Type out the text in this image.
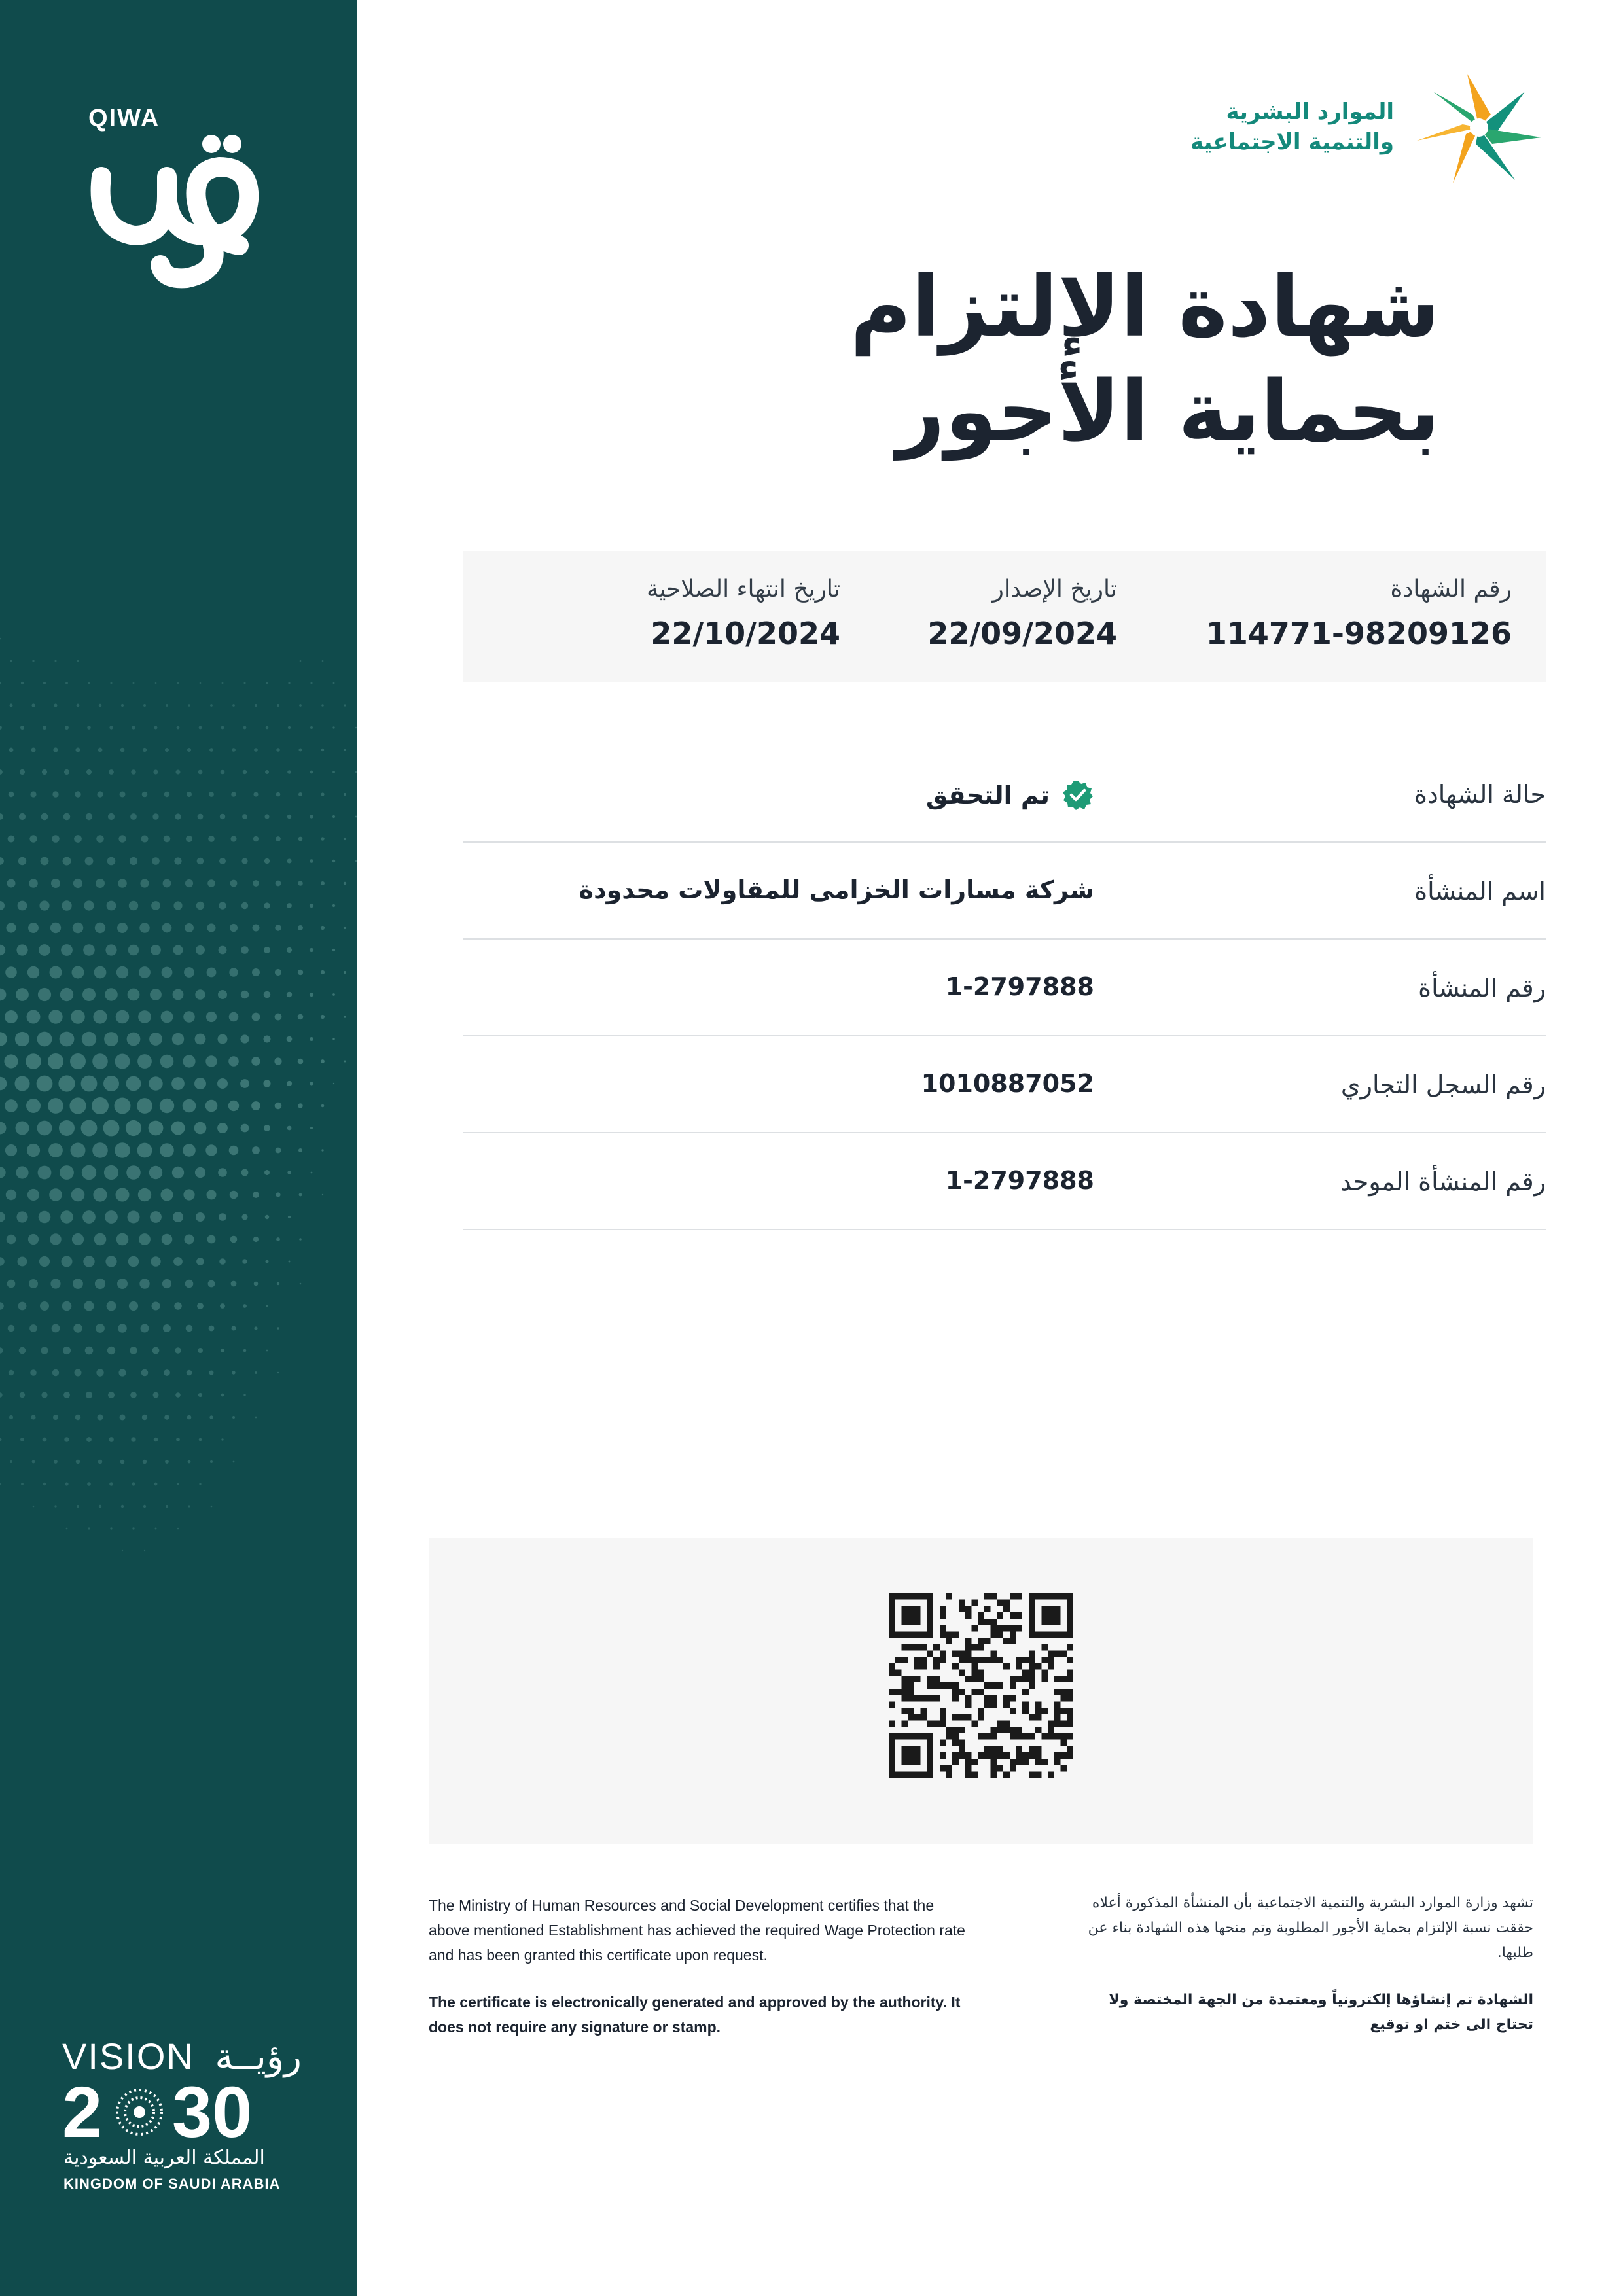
QIWA
VISION رؤيــة
2 30
المملكة العربية السعودية
KINGDOM OF SAUDI ARABIA
الموارد البشرية
والتنمية الاجتماعية
شهادة الإلتزام
بحماية الأجور
رقم الشهادة
114771-98209126
تاريخ الإصدار
22/09/2024
تاريخ انتهاء الصلاحية
22/10/2024
حالة الشهادة
تم التحقق
اسم المنشأة
شركة مسارات الخزامى للمقاولات محدودة
رقم المنشأة
1-2797888
رقم السجل التجاري
1010887052
رقم المنشأة الموحد
1-2797888

The Ministry of Human Resources and Social Development certifies that the above mentioned Establishment has achieved the required Wage Protection rate and has been granted this certificate upon request.

The certificate is electronically generated and approved by the authority. It does not require any signature or stamp.

تشهد وزارة الموارد البشرية والتنمية الاجتماعية بأن المنشأة المذكورة أعلاه حققت نسبة الإلتزام بحماية الأجور المطلوبة وتم منحها هذه الشهادة بناء عن طلبها.

الشهادة تم إنشاؤها إلكترونياً ومعتمدة من الجهة المختصة ولا تحتاج الى ختم او توقيع
